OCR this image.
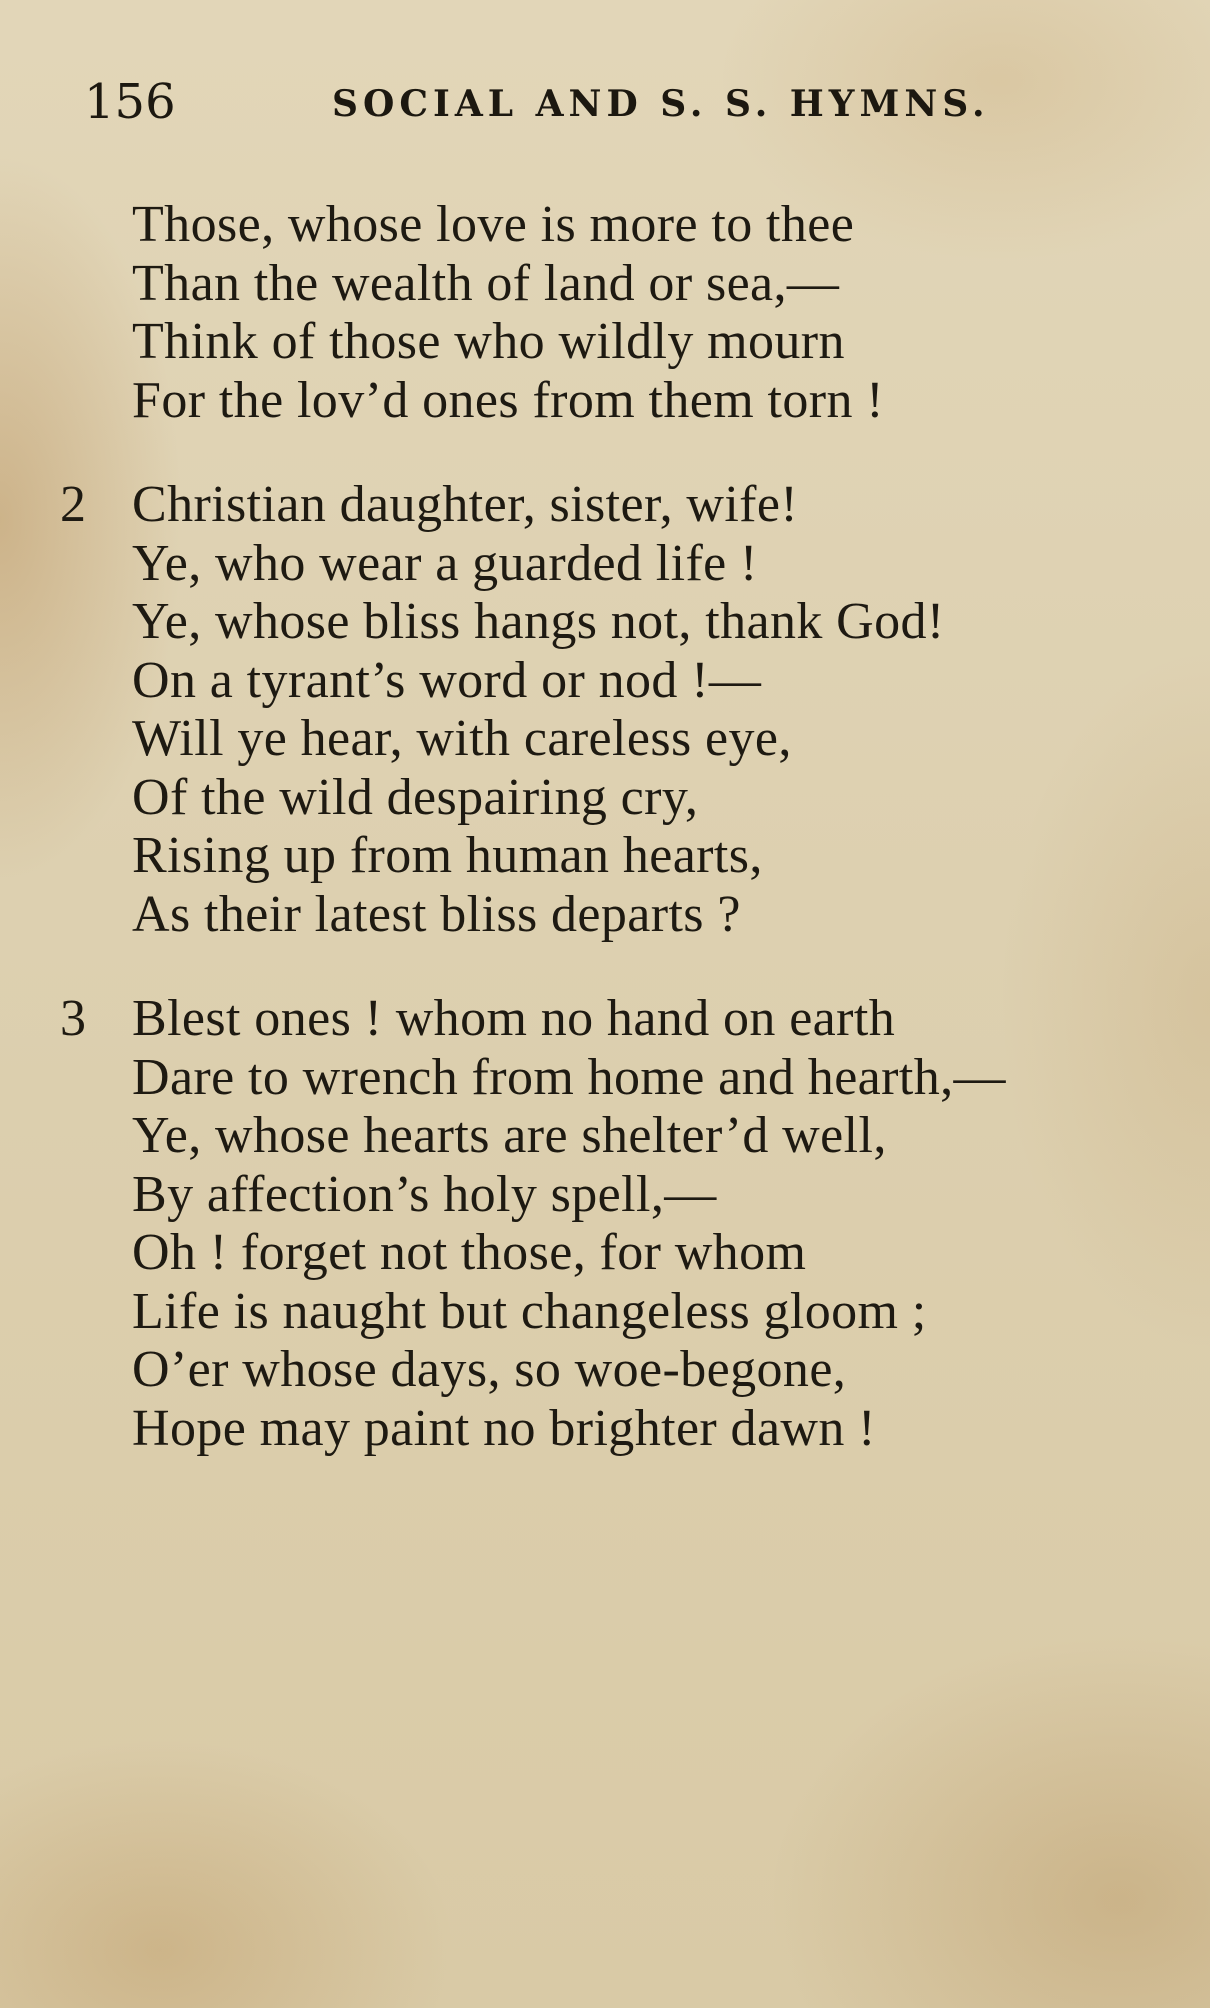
156	SOCIAL AND S. S. HYMNS.
Those, whose love is more to thee
Than the wealth of land or sea,—
Think of those who wildly mourn
For the lov’d ones from them torn !
2 Christian daughter, sister, wife!
Ye, who wear a guarded life !
Ye, whose bliss hangs not, thank God!
On a tyrant’s word or nod !—
Will ye hear, with careless eye,
Of the wild despairing cry,
Rising up from human hearts,
As their latest bliss departs ?
3 Blest ones ! whom no hand on earth
Dare to wrench from home and hearth,—
Ye, whose hearts are shelter’d well,
By affection’s holy spell,—
Oh ! forget not those, for whom
Life is naught but changeless gloom ;
O’er whose days, so woe-begone,
Hope may paint no brighter dawn !
